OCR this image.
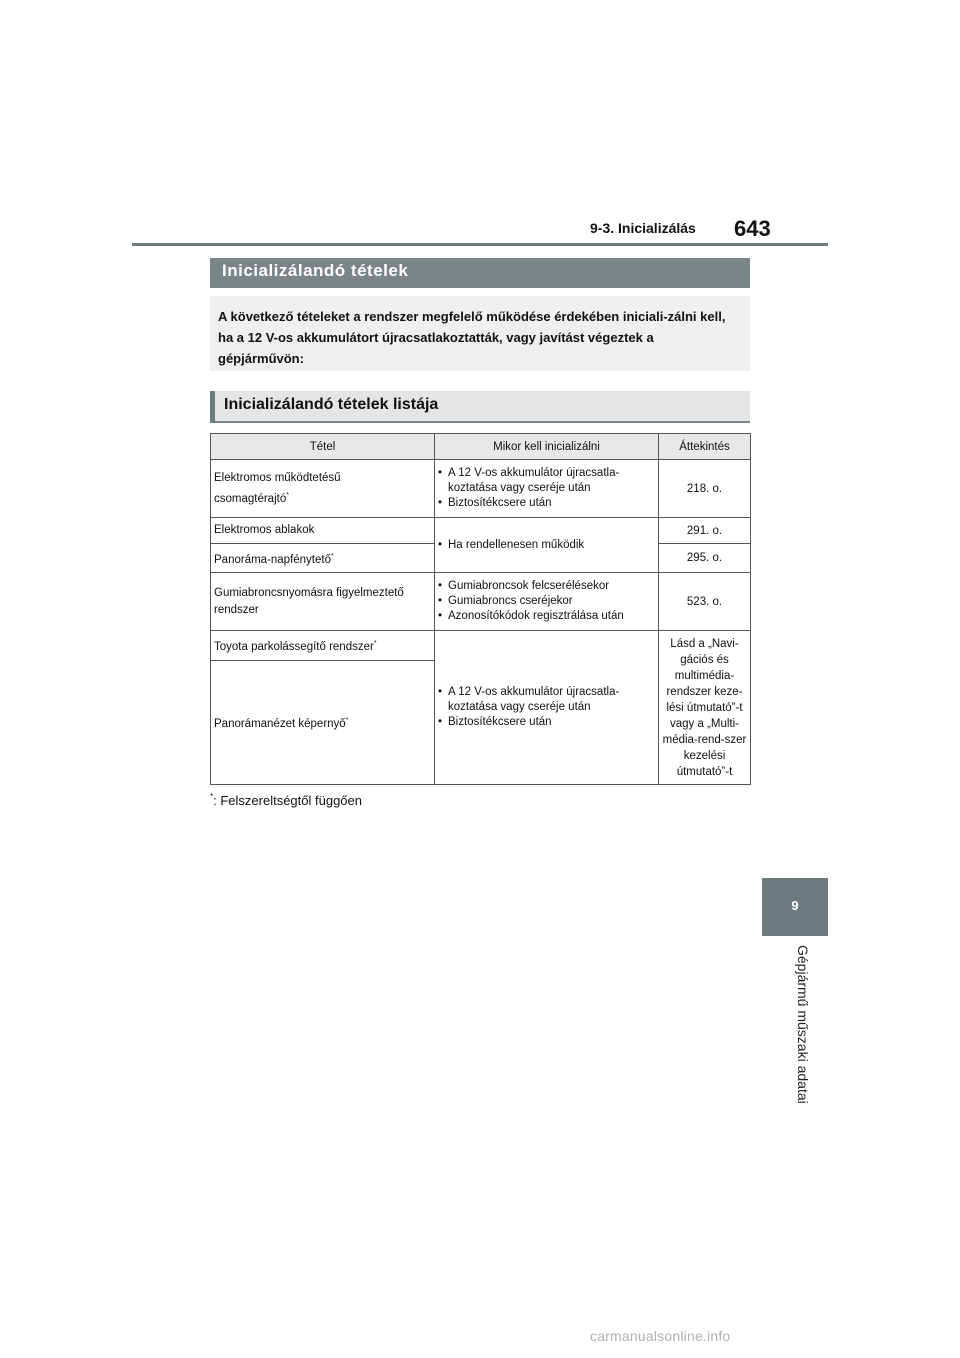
9-3. Inicializálás 643
Inicializálandó tételek

A következő tételeket a rendszer megfelelő működése érdekében iniciali-zálni kell, ha a 12 V-os akkumulátort újracsatlakoztatták, vagy javítást végeztek a gépjárművön:

Inicializálandó tételek listája
Tétel	Mikor kell inicializálni	Áttekintés
Elektromos működtetésű
csomagtérajtó*	
• A 12 V-os akkumulátor újracsatla-koztatása vagy cseréje után
• Biztosítékcsere után
	218. o.
Elektromos ablakok	
• Ha rendellenesen működik
	291. o.
Panoráma-napfénytető*	295. o.
Gumiabroncsnyomásra figyelmeztető rendszer	
• Gumiabroncsok felcserélésekor
• Gumiabroncs cseréjekor
• Azonosítókódok regisztrálása után
	523. o.
Toyota parkolássegítő rendszer*	
• A 12 V-os akkumulátor újracsatla-koztatása vagy cseréje után
• Biztosítékcsere után
	Lásd a „Navi-gációs és multimédia-rendszer keze-lési útmutató”-t vagy a „Multi-média-rend-szer kezelési útmutató”-t
Panorámanézet képernyő*
*: Felszereltségtől függően
9
Gépjármű műszaki adatai
carmanualsonline.info
